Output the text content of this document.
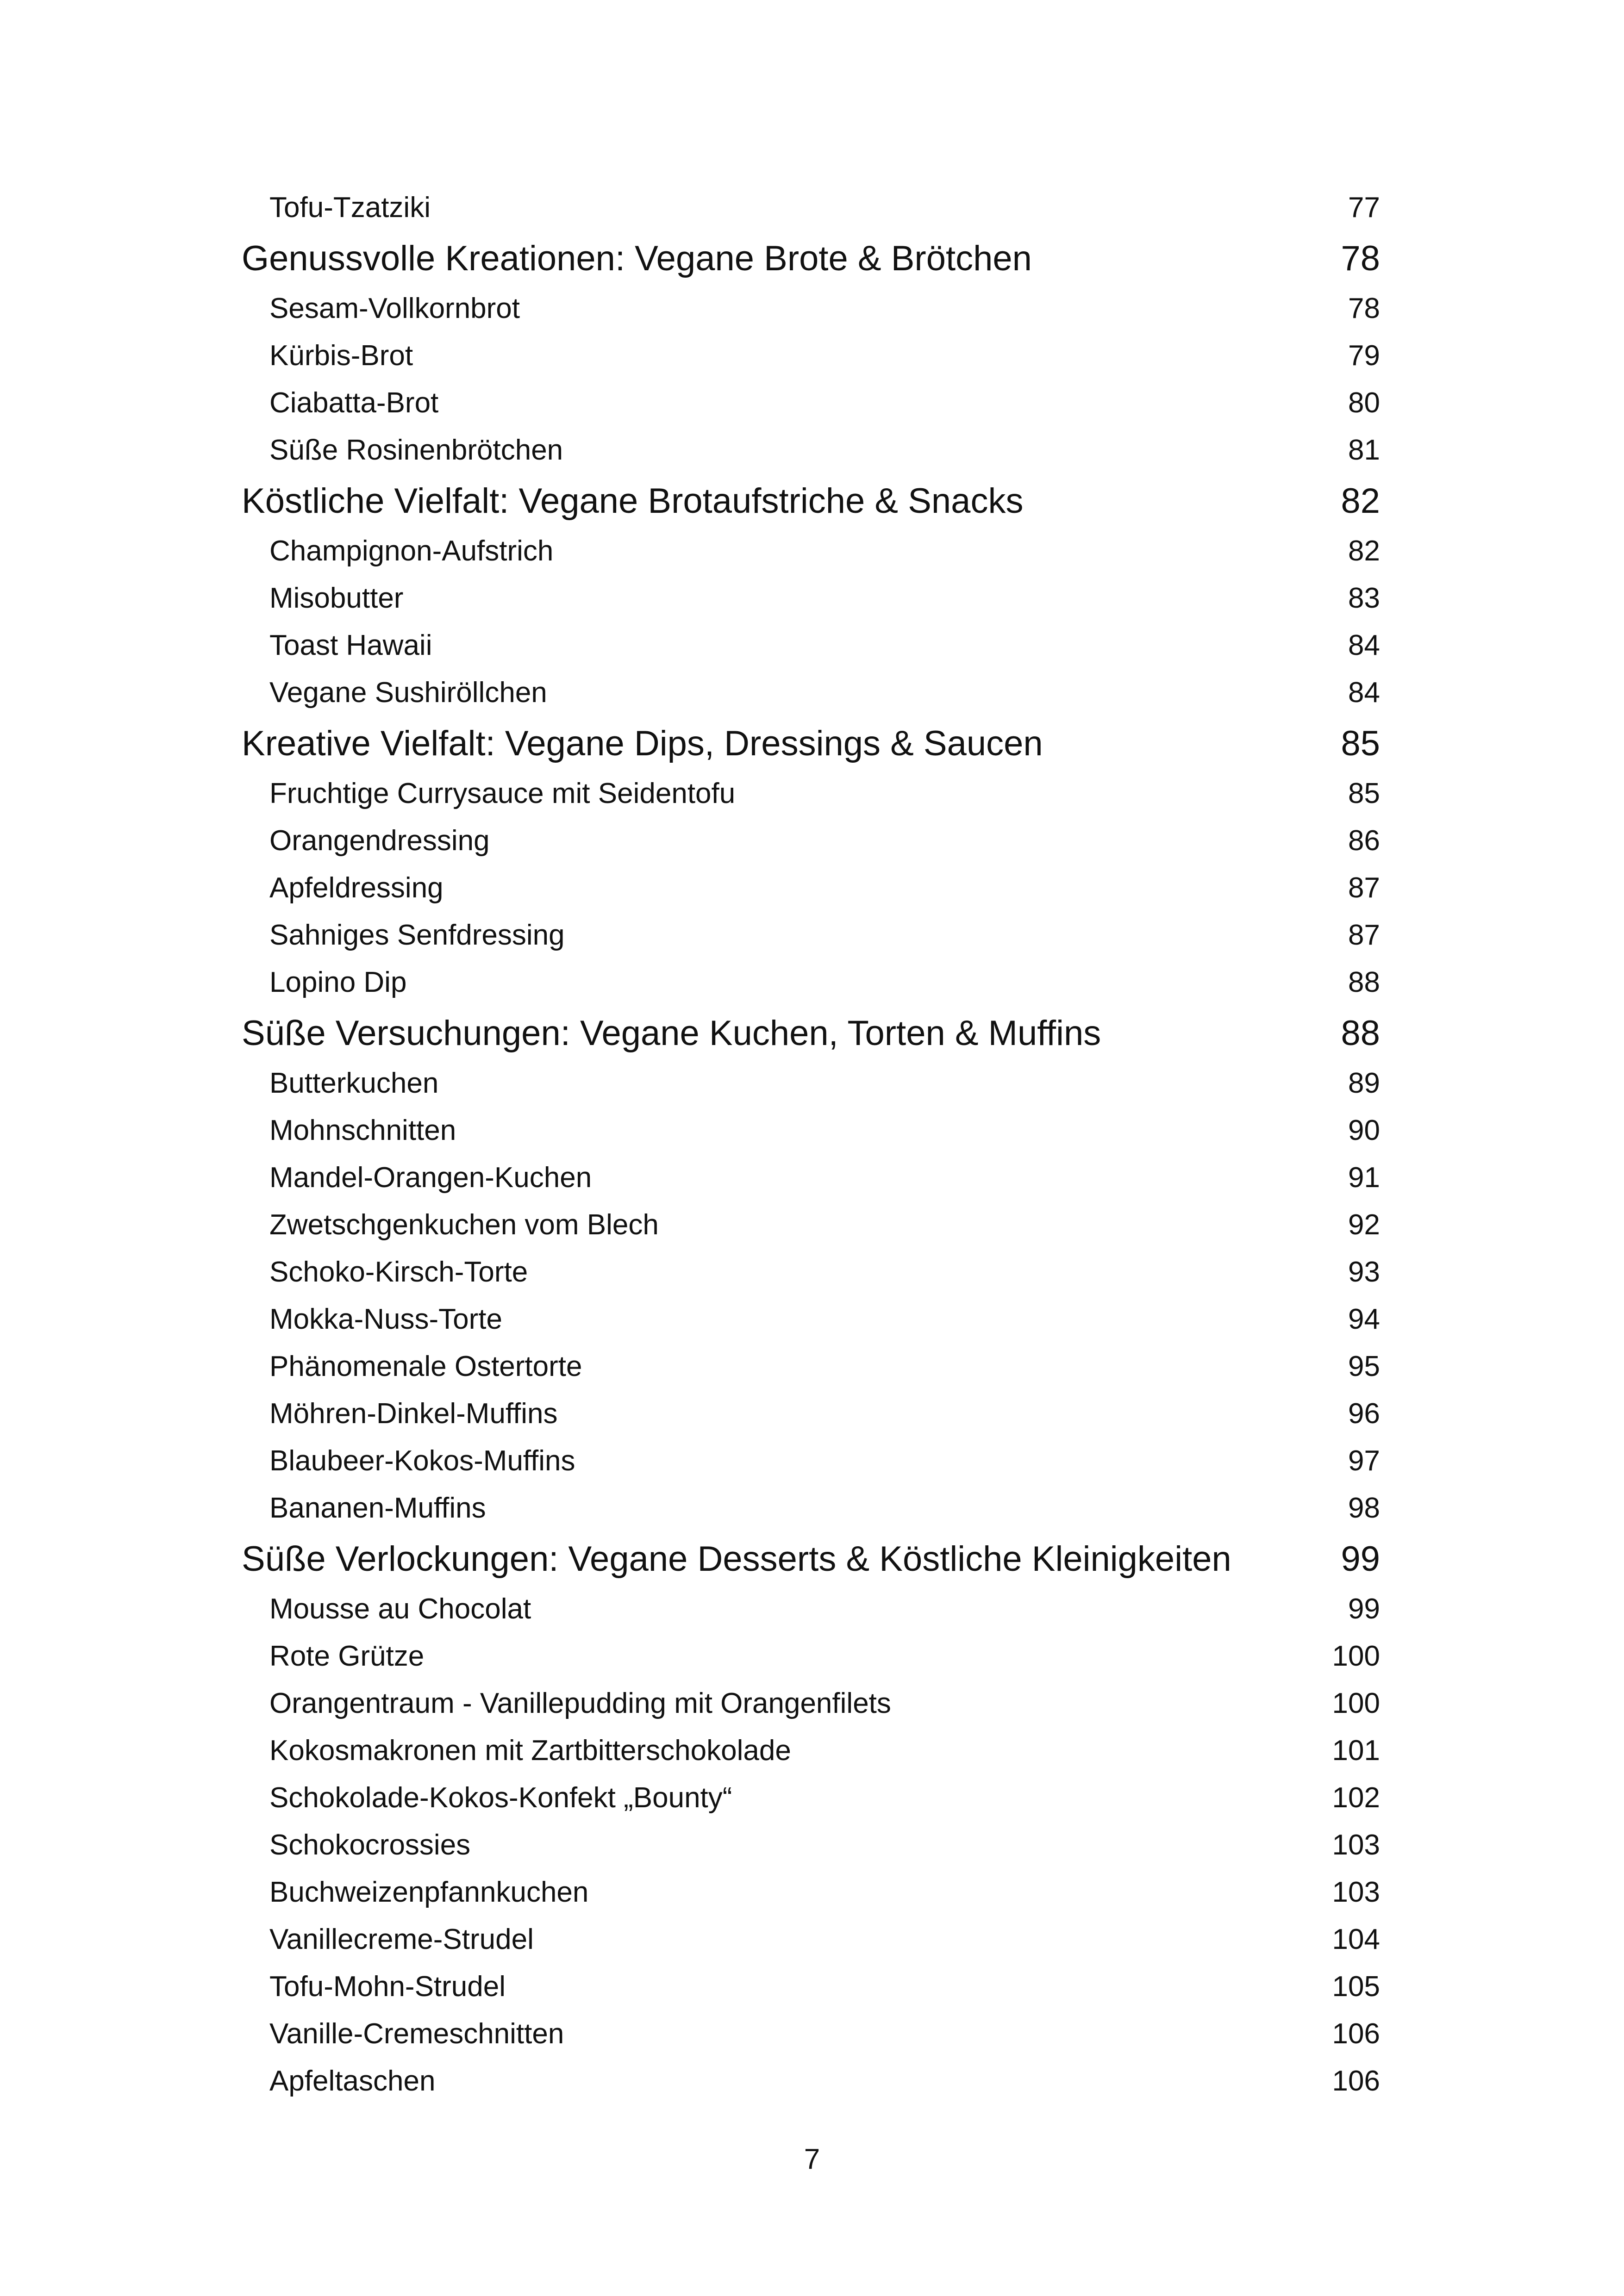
Tofu-Tzatziki	77
Genussvolle Kreationen: Vegane Brote & Brötchen	78
Sesam-Vollkornbrot	78
Kürbis-Brot	79
Ciabatta-Brot	80
Süße Rosinenbrötchen	81
Köstliche Vielfalt: Vegane Brotaufstriche & Snacks	82
Champignon-Aufstrich	82
Misobutter	83
Toast Hawaii	84
Vegane Sushiröllchen	84
Kreative Vielfalt: Vegane Dips, Dressings & Saucen	85
Fruchtige Currysauce mit Seidentofu	85
Orangendressing	86
Apfeldressing	87
Sahniges Senfdressing	87
Lopino Dip	88
Süße Versuchungen: Vegane Kuchen, Torten & Muffins	88
Butterkuchen	89
Mohnschnitten	90
Mandel-Orangen-Kuchen	91
Zwetschgenkuchen vom Blech	92
Schoko-Kirsch-Torte	93
Mokka-Nuss-Torte	94
Phänomenale Ostertorte	95
Möhren-Dinkel-Muffins	96
Blaubeer-Kokos-Muffins	97
Bananen-Muffins	98
Süße Verlockungen: Vegane Desserts & Köstliche Kleinigkeiten	99
Mousse au Chocolat	99
Rote Grütze	100
Orangentraum - Vanillepudding mit Orangenfilets	100
Kokosmakronen mit Zartbitterschokolade	101
Schokolade-Kokos-Konfekt „Bounty“	102
Schokocrossies	103
Buchweizenpfannkuchen	103
Vanillecreme-Strudel	104
Tofu-Mohn-Strudel	105
Vanille-Cremeschnitten	106
Apfeltaschen	106
7
